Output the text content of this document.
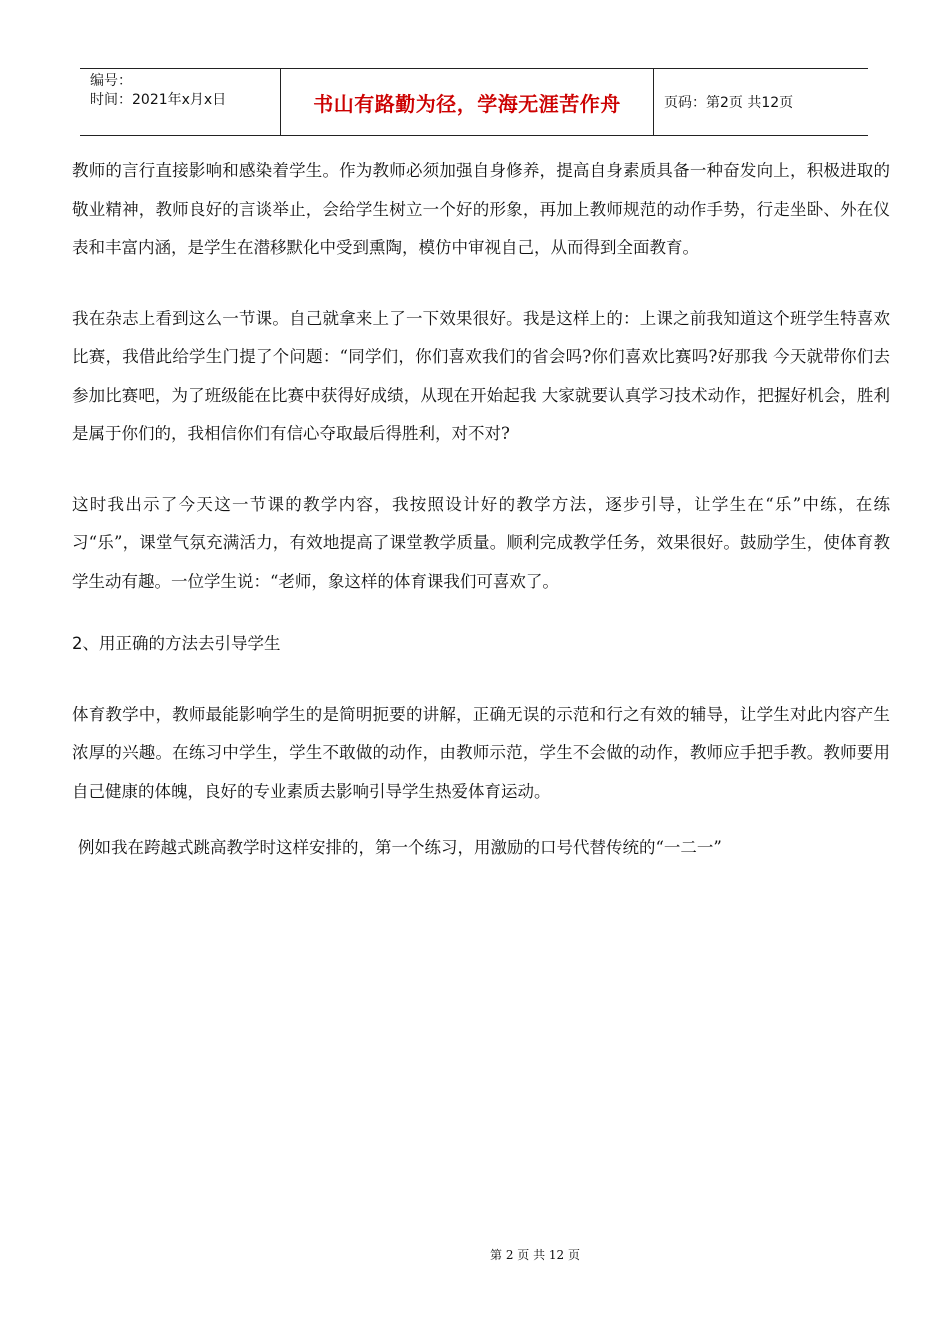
编号：
时间：2021年x月x日	书山有路勤为径，学海无涯苦作舟	页码：第2页 共12页

教师的言行直接影响和感染着学生。作为教师必须加强自身修养，提高自身素质具备一种奋发向上，积极进取的敬业精神，教师良好的言谈举止，会给学生树立一个好的形象，再加上教师规范的动作手势，行走坐卧、外在仪表和丰富内涵，是学生在潜移默化中受到熏陶，模仿中审视自己，从而得到全面教育。

我在杂志上看到这么一节课。自己就拿来上了一下效果很好。我是这样上的：上课之前我知道这个班学生特喜欢比赛，我借此给学生门提了个问题：“同学们，你们喜欢我们的省会吗?你们喜欢比赛吗?好那我 今天就带你们去参加比赛吧，为了班级能在比赛中获得好成绩，从现在开始起我 大家就要认真学习技术动作，把握好机会，胜利是属于你们的，我相信你们有信心夺取最后得胜利，对不对?

这时我出示了今天这一节课的教学内容，我按照设计好的教学方法，逐步引导，让学生在“乐”中练，在练习“乐”，课堂气氛充满活力，有效地提高了课堂教学质量。顺利完成教学任务，效果很好。鼓励学生，使体育教学生动有趣。一位学生说：“老师，象这样的体育课我们可喜欢了。

2、用正确的方法去引导学生

体育教学中，教师最能影响学生的是简明扼要的讲解，正确无误的示范和行之有效的辅导，让学生对此内容产生浓厚的兴趣。在练习中学生，学生不敢做的动作，由教师示范，学生不会做的动作，教师应手把手教。教师要用自己健康的体魄，良好的专业素质去影响引导学生热爱体育运动。

例如我在跨越式跳高教学时这样安排的，第一个练习，用激励的口号代替传统的“一二一”

第 2 页 共 12 页
